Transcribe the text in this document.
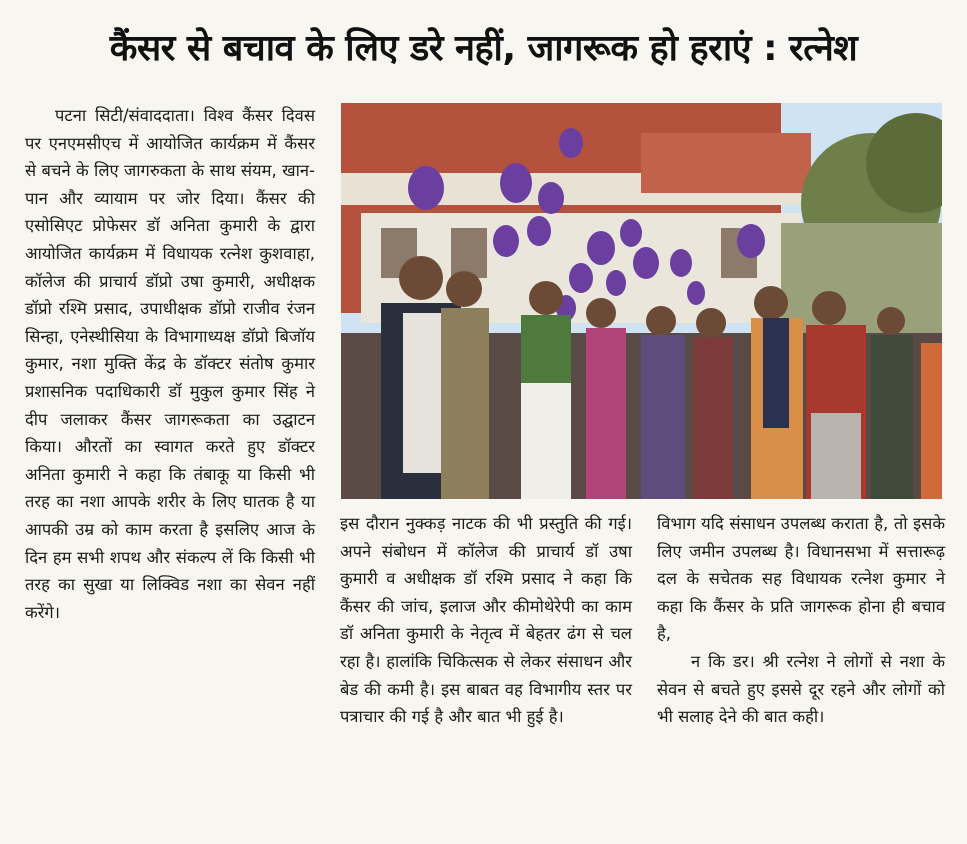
कैंसर से बचाव के लिए डरे नहीं, जागरूक हो हराएं : रत्नेश

पटना सिटी/संवाददाता। विश्व कैंसर दिवस पर एनएमसीएच में आयोजित कार्यक्रम में कैंसर से बचने के लिए जागरुकता के साथ संयम, खान-पान और व्यायाम पर जोर दिया। कैंसर की एसोसिएट प्रोफेसर डॉ अनिता कुमारी के द्वारा आयोजित कार्यक्रम में विधायक रत्नेश कुशवाहा, कॉलेज की प्राचार्य डॉप्रो उषा कुमारी, अधीक्षक डॉप्रो रश्मि प्रसाद, उपाधीक्षक डॉप्रो राजीव रंजन सिन्हा, एनेस्थीसिया के विभागाध्यक्ष डॉप्रो बिजॉय कुमार, नशा मुक्ति केंद्र के डॉक्टर संतोष कुमार प्रशासनिक पदाधिकारी डॉ मुकुल कुमार सिंह ने दीप जलाकर कैंसर जागरूकता का उद्घाटन किया। औरतों का स्वागत करते हुए डॉक्टर अनिता कुमारी ने कहा कि तंबाकू या किसी भी तरह का नशा आपके शरीर के लिए घातक है या आपकी उम्र को काम करता है इसलिए आज के दिन हम सभी शपथ और संकल्प लें कि किसी भी तरह का सुखा या लिक्विड नशा का सेवन नहीं करेंगे।

इस दौरान नुक्कड़ नाटक की भी प्रस्तुति की गई। अपने संबोधन में कॉलेज की प्राचार्य डॉ उषा कुमारी व अधीक्षक डॉ रश्मि प्रसाद ने कहा कि कैंसर की जांच, इलाज और कीमोथेरेपी का काम डॉ अनिता कुमारी के नेतृत्व में बेहतर ढंग से चल रहा है। हालांकि चिकित्सक से लेकर संसाधन और बेड की कमी है। इस बाबत वह विभागीय स्तर पर पत्राचार की गई है और बात भी हुई है।

विभाग यदि संसाधन उपलब्ध कराता है, तो इसके लिए जमीन उपलब्ध है। विधानसभा में सत्तारूढ़ दल के सचेतक सह विधायक रत्नेश कुमार ने कहा कि कैंसर के प्रति जागरूक होना ही बचाव है,

न कि डर। श्री रत्नेश ने लोगों से नशा के सेवन से बचते हुए इससे दूर रहने और लोगों को भी सलाह देने की बात कही।
